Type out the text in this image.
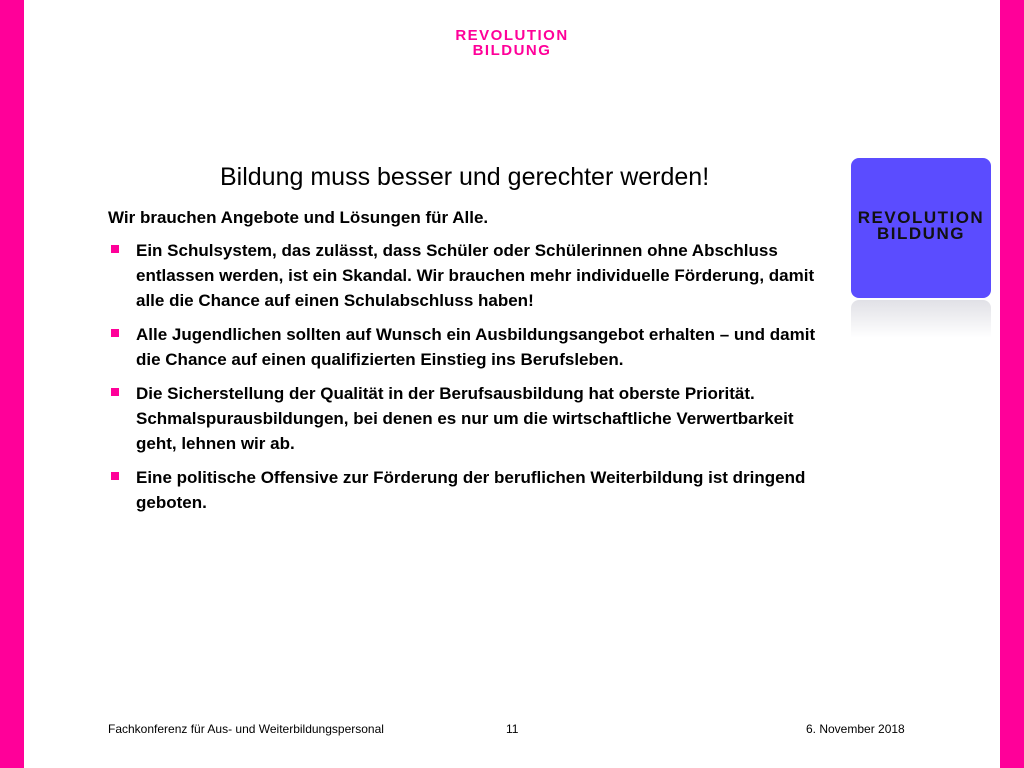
REVOLUTION
BILDUNG
Bildung muss besser und gerechter werden!

Wir brauchen Angebote und Lösungen für Alle.

Ein Schulsystem, das zulässt, dass Schüler oder Schülerinnen ohne Abschluss entlassen werden, ist ein Skandal. Wir brauchen mehr individuelle Förderung, damit alle die Chance auf einen Schulabschluss haben!
Alle Jugendlichen sollten auf Wunsch ein Ausbildungsangebot erhalten – und damit die Chance auf einen qualifizierten Einstieg ins Berufsleben.
Die Sicherstellung der Qualität in der Berufsausbildung hat oberste Priorität. Schmalspurausbildungen, bei denen es nur um die wirtschaftliche Verwertbarkeit geht, lehnen wir ab.
Eine politische Offensive zur Förderung der beruflichen Weiterbildung ist dringend geboten.
REVOLUTION
BILDUNG
Fachkonferenz für Aus- und Weiterbildungspersonal	11	6. November 2018
